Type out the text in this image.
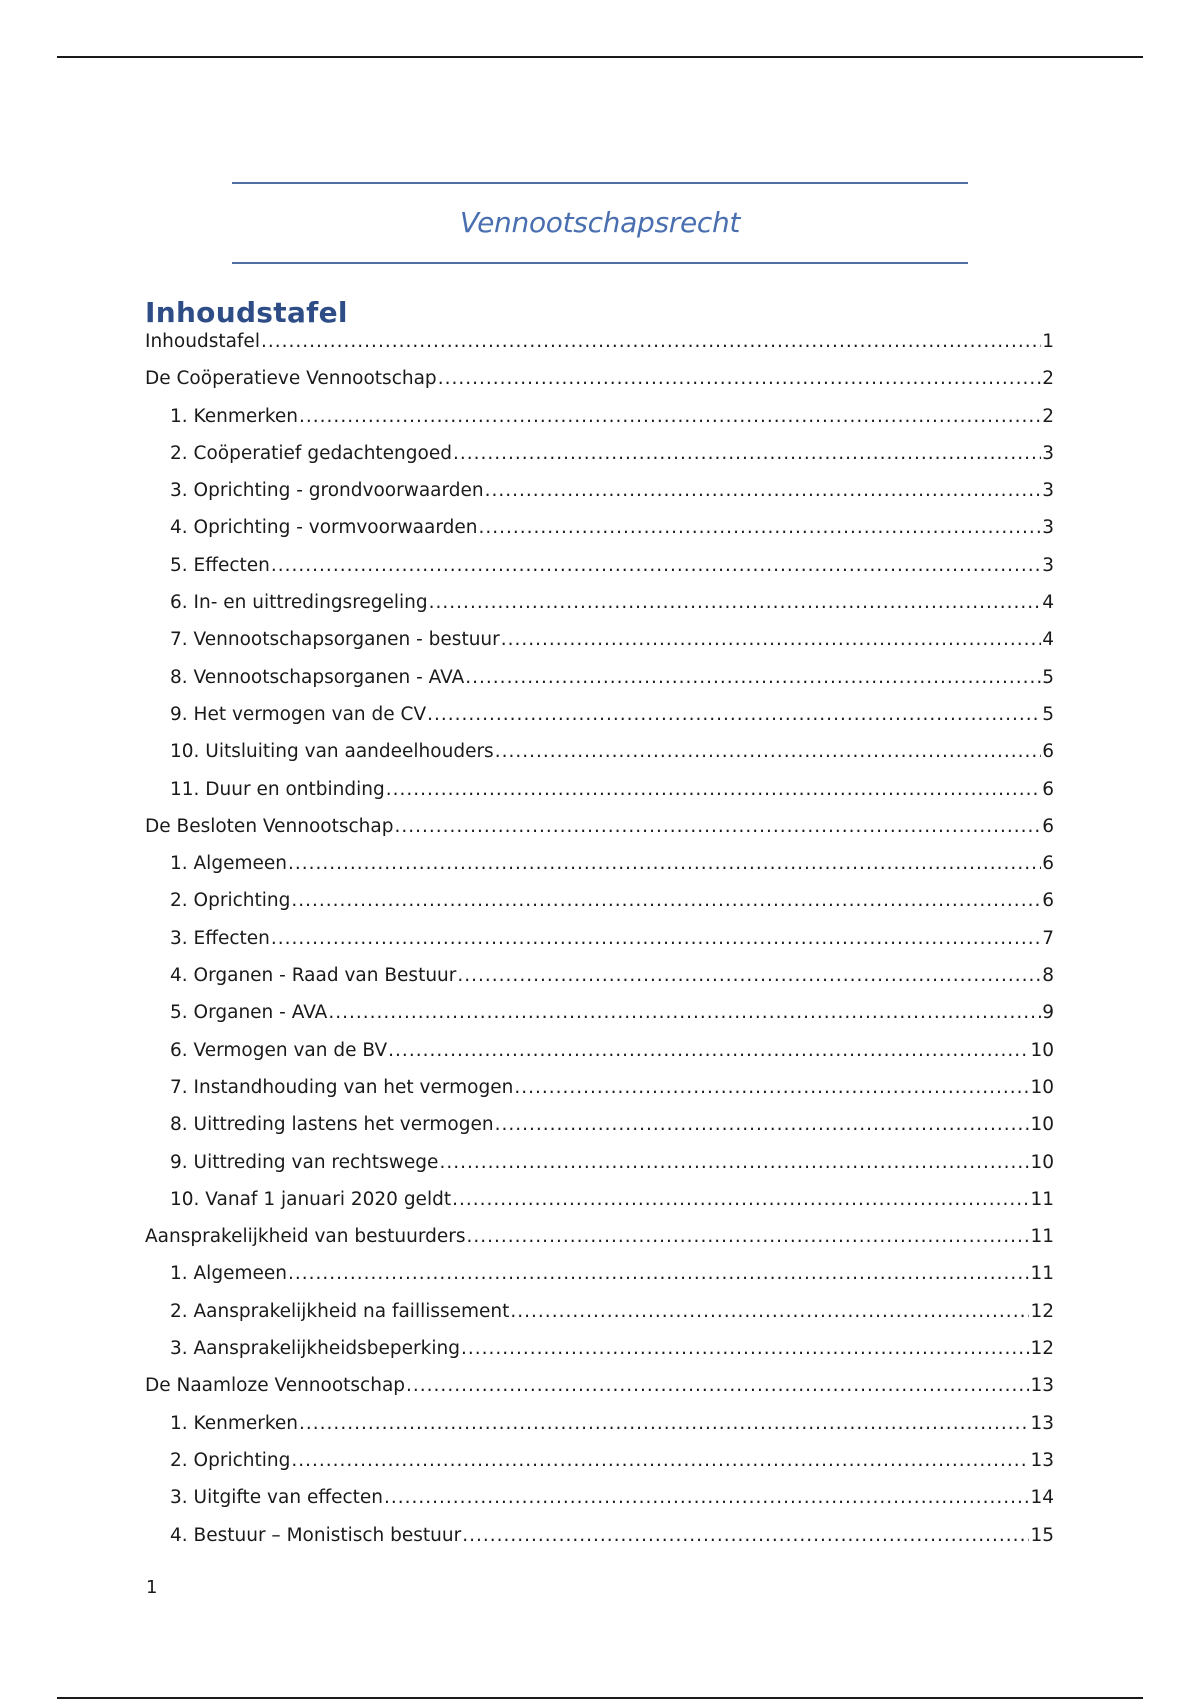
Vennootschapsrecht
Inhoudstafel
Inhoudstafel .....	1
De Coöperatieve Vennootschap .....	2
1. Kenmerken .....	2
2. Coöperatief gedachtengoed .....	3
3. Oprichting - grondvoorwaarden .....	3
4. Oprichting - vormvoorwaarden .....	3
5. Effecten .....	3
6. In- en uittredingsregeling .....	4
7. Vennootschapsorganen - bestuur .....	4
8. Vennootschapsorganen - AVA .....	5
9. Het vermogen van de CV .....	5
10. Uitsluiting van aandeelhouders .....	6
11. Duur en ontbinding .....	6
De Besloten Vennootschap .....	6
1. Algemeen .....	6
2. Oprichting .....	6
3. Effecten .....	7
4. Organen - Raad van Bestuur .....	8
5. Organen - AVA .....	9
6. Vermogen van de BV .....	10
7. Instandhouding van het vermogen .....	10
8. Uittreding lastens het vermogen .....	10
9. Uittreding van rechtswege .....	10
10. Vanaf 1 januari 2020 geldt .....	11
Aansprakelijkheid van bestuurders .....	11
1. Algemeen .....	11
2. Aansprakelijkheid na faillissement .....	12
3. Aansprakelijkheidsbeperking .....	12
De Naamloze Vennootschap .....	13
1. Kenmerken .....	13
2. Oprichting .....	13
3. Uitgifte van effecten .....	14
4. Bestuur – Monistisch bestuur .....	15
1
